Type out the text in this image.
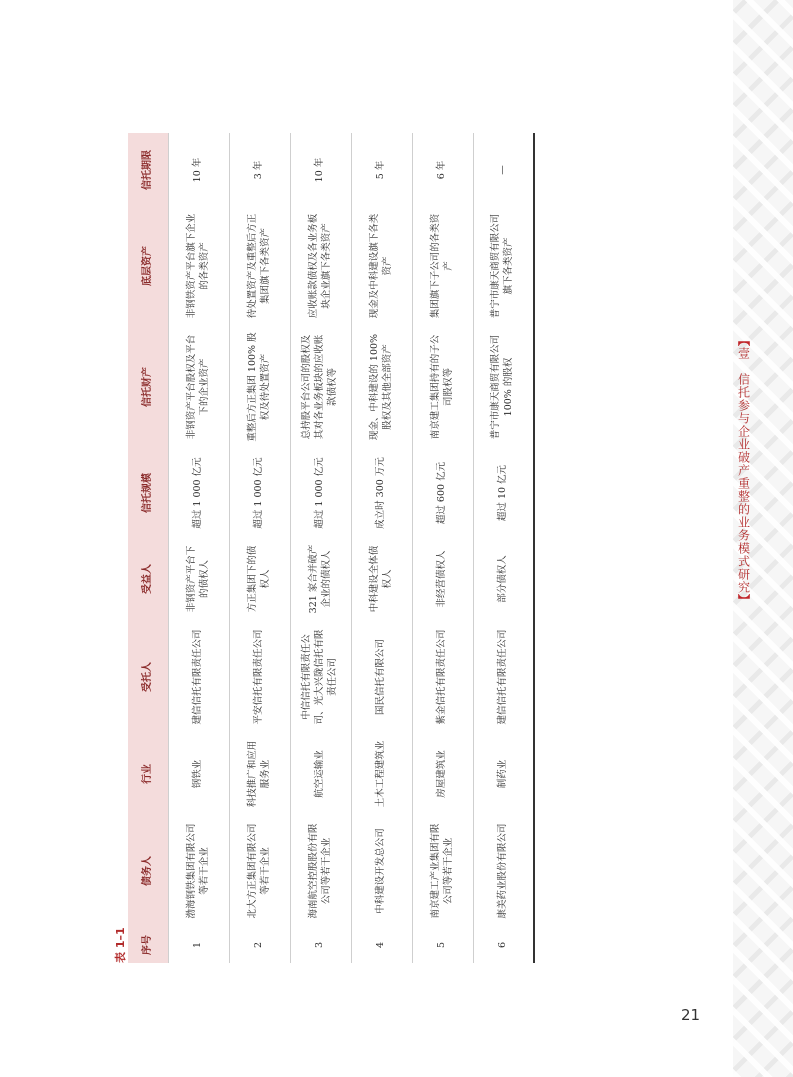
【壹　信托参与企业破产重整的业务模式研究】
表 1–1 序号	债务人	行业	受托人	受益人	信托规模	信托财产	底层资产	信托期限
1	渤海钢铁集团有限公司等若干企业	钢铁业	建信信托有限责任公司	非钢资产平台下的债权人	超过 1 000 亿元	非钢资产平台股权及平台下的企业资产	非钢铁资产平台旗下企业的各类资产	10 年
2	北大方正集团有限公司等若干企业	科技推广和应用服务业	平安信托有限责任公司	方正集团下的债权人	超过 1 000 亿元	重整后方正集团 100% 股权及待处置资产	待处置资产及重整后方正集团旗下各类资产	3 年
3	海南航空控股股份有限公司等若干企业	航空运输业	中信信托有限责任公司、光大兴陇信托有限责任公司	321 家合并破产企业的债权人	超过 1 000 亿元	总持股平台公司的股权及其对各业务板块的应收账款债权等	应收账款债权及各业务板块企业旗下各类资产	10 年
4	中科建设开发总公司	土木工程建筑业	国民信托有限公司	中科建设全体债权人	成立时 300 万元	现金、中科建设的 100% 股权及其他全部资产	现金及中科建设旗下各类资产	5 年
5	南京建工产业集团有限公司等若干企业	房屋建筑业	紫金信托有限责任公司	非经营债权人	超过 600 亿元	南京建工集团持有的子公司股权等	集团旗下子公司的各类资产	6 年
6	康美药业股份有限公司	制药业	建信信托有限责任公司	部分债权人	超过 10 亿元	普宁市康天商贸有限公司 100% 的股权	普宁市康天商贸有限公司旗下各类资产	—
21
